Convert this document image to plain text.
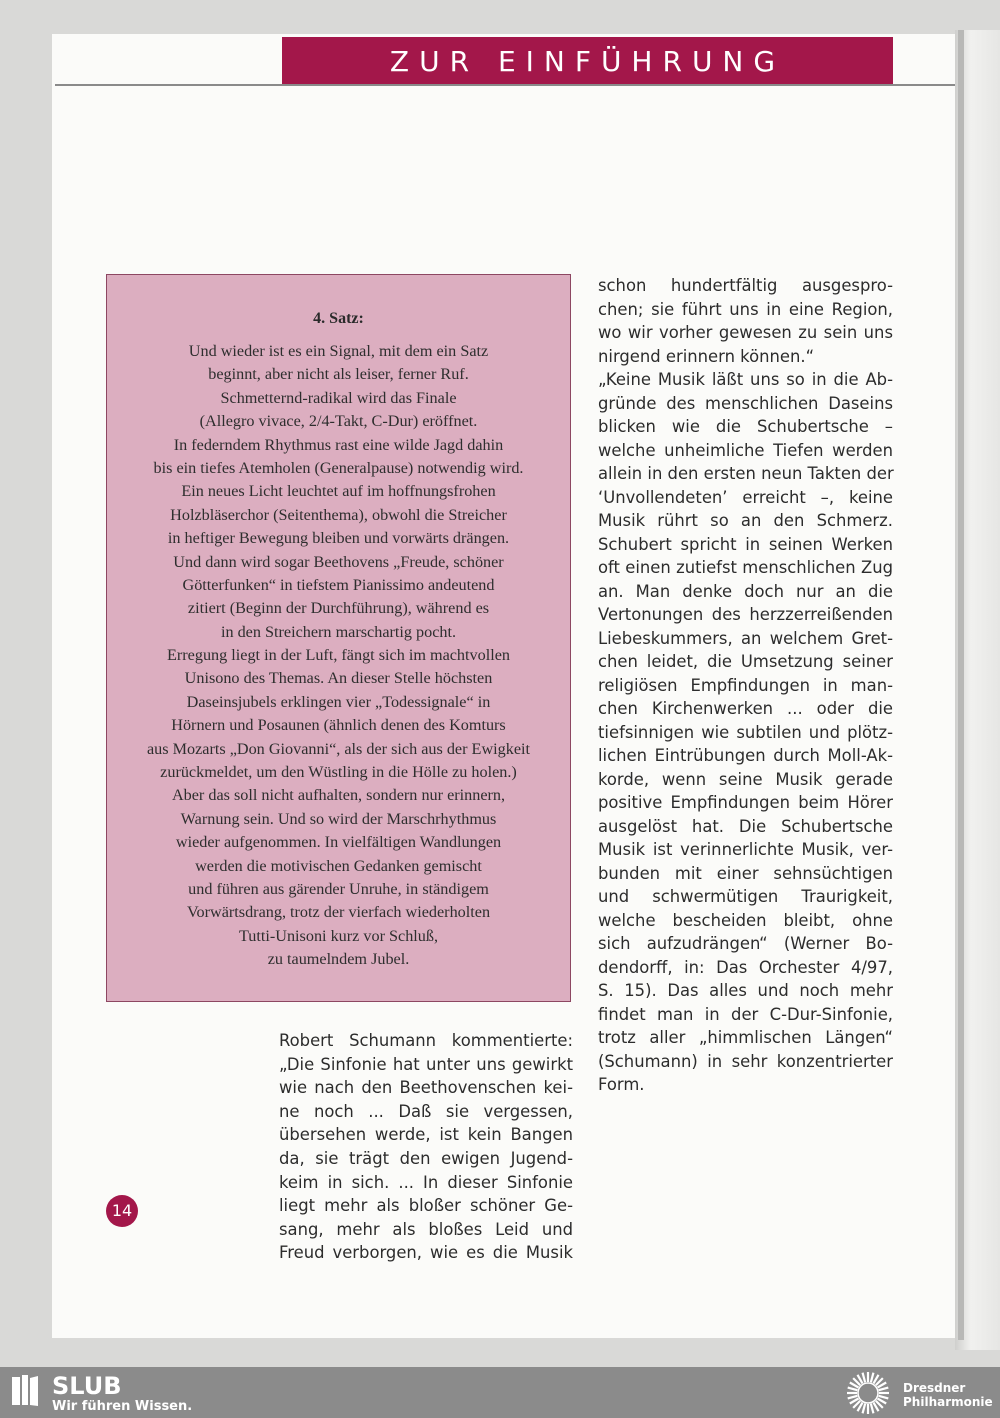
ZUR EINFÜHRUNG
4. Satz:
Und wieder ist es ein Signal, mit dem ein Satz
beginnt, aber nicht als leiser, ferner Ruf.
Schmetternd-radikal wird das Finale
(Allegro vivace, 2/4-Takt, C-Dur) eröffnet.
In federndem Rhythmus rast eine wilde Jagd dahin
bis ein tiefes Atemholen (Generalpause) notwendig wird.
Ein neues Licht leuchtet auf im hoffnungsfrohen
Holzbläserchor (Seitenthema), obwohl die Streicher
in heftiger Bewegung bleiben und vorwärts drängen.
Und dann wird sogar Beethovens „Freude, schöner
Götterfunken“ in tiefstem Pianissimo andeutend
zitiert (Beginn der Durchführung), während es
in den Streichern marschartig pocht.
Erregung liegt in der Luft, fängt sich im machtvollen
Unisono des Themas. An dieser Stelle höchsten
Daseinsjubels erklingen vier „Todessignale“ in
Hörnern und Posaunen (ähnlich denen des Komturs
aus Mozarts „Don Giovanni“, als der sich aus der Ewigkeit
zurückmeldet, um den Wüstling in die Hölle zu holen.)
Aber das soll nicht aufhalten, sondern nur erinnern,
Warnung sein. Und so wird der Marschrhythmus
wieder aufgenommen. In vielfältigen Wandlungen
werden die motivischen Gedanken gemischt
und führen aus gärender Unruhe, in ständigem
Vorwärtsdrang, trotz der vierfach wiederholten
Tutti-Unisoni kurz vor Schluß,
zu taumelndem Jubel.
schon hundertfältig ausgespro-
chen; sie führt uns in eine Region,
wo wir vorher gewesen zu sein uns
nirgend erinnern können.“
„Keine Musik läßt uns so in die Ab-
gründe des menschlichen Daseins
blicken wie die Schubertsche –
welche unheimliche Tiefen werden
allein in den ersten neun Takten der
‘Unvollendeten’ erreicht –, keine
Musik rührt so an den Schmerz.
Schubert spricht in seinen Werken
oft einen zutiefst menschlichen Zug
an. Man denke doch nur an die
Vertonungen des herzzerreißenden
Liebeskummers, an welchem Gret-
chen leidet, die Umsetzung seiner
religiösen Empfindungen in man-
chen Kirchenwerken ... oder die
tiefsinnigen wie subtilen und plötz-
lichen Eintrübungen durch Moll-Ak-
korde, wenn seine Musik gerade
positive Empfindungen beim Hörer
ausgelöst hat. Die Schubertsche
Musik ist verinnerlichte Musik, ver-
bunden mit einer sehnsüchtigen
und schwermütigen Traurigkeit,
welche bescheiden bleibt, ohne
sich aufzudrängen“ (Werner Bo-
dendorff, in: Das Orchester 4/97,
S. 15). Das alles und noch mehr
findet man in der C-Dur-Sinfonie,
trotz aller „himmlischen Längen“
(Schumann) in sehr konzentrierter
Form.
Robert Schumann kommentierte:
„Die Sinfonie hat unter uns gewirkt
wie nach den Beethovenschen kei-
ne noch ... Daß sie vergessen,
übersehen werde, ist kein Bangen
da, sie trägt den ewigen Jugend-
keim in sich. ... In dieser Sinfonie
liegt mehr als bloßer schöner Ge-
sang, mehr als bloßes Leid und
Freud verborgen, wie es die Musik
14
SLUB
Wir führen Wissen.
Dresdner
Philharmonie
